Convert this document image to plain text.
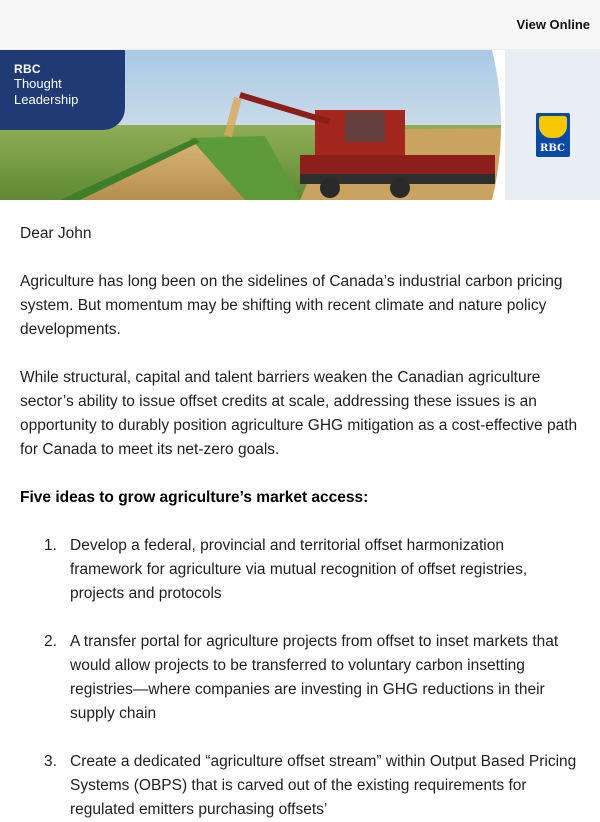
View Online
RBC
Thought
Leadership
RBC

Dear John

Agriculture has long been on the sidelines of Canada’s industrial carbon pricing system. But momentum may be shifting with recent climate and nature policy developments.

While structural, capital and talent barriers weaken the Canadian agriculture sector’s ability to issue offset credits at scale, addressing these issues is an opportunity to durably position agriculture GHG mitigation as a cost-effective path for Canada to meet its net-zero goals.

Five ideas to grow agriculture’s market access:

1. Develop a federal, provincial and territorial offset harmonization framework for agriculture via mutual recognition of offset registries, projects and protocols
2. A transfer portal for agriculture projects from offset to inset markets that would allow projects to be transferred to voluntary carbon insetting registries—where companies are investing in GHG reductions in their supply chain
3. Create a dedicated “agriculture offset stream” within Output Based Pricing Systems (OBPS) that is carved out of the existing requirements for regulated emitters purchasing offsets’
